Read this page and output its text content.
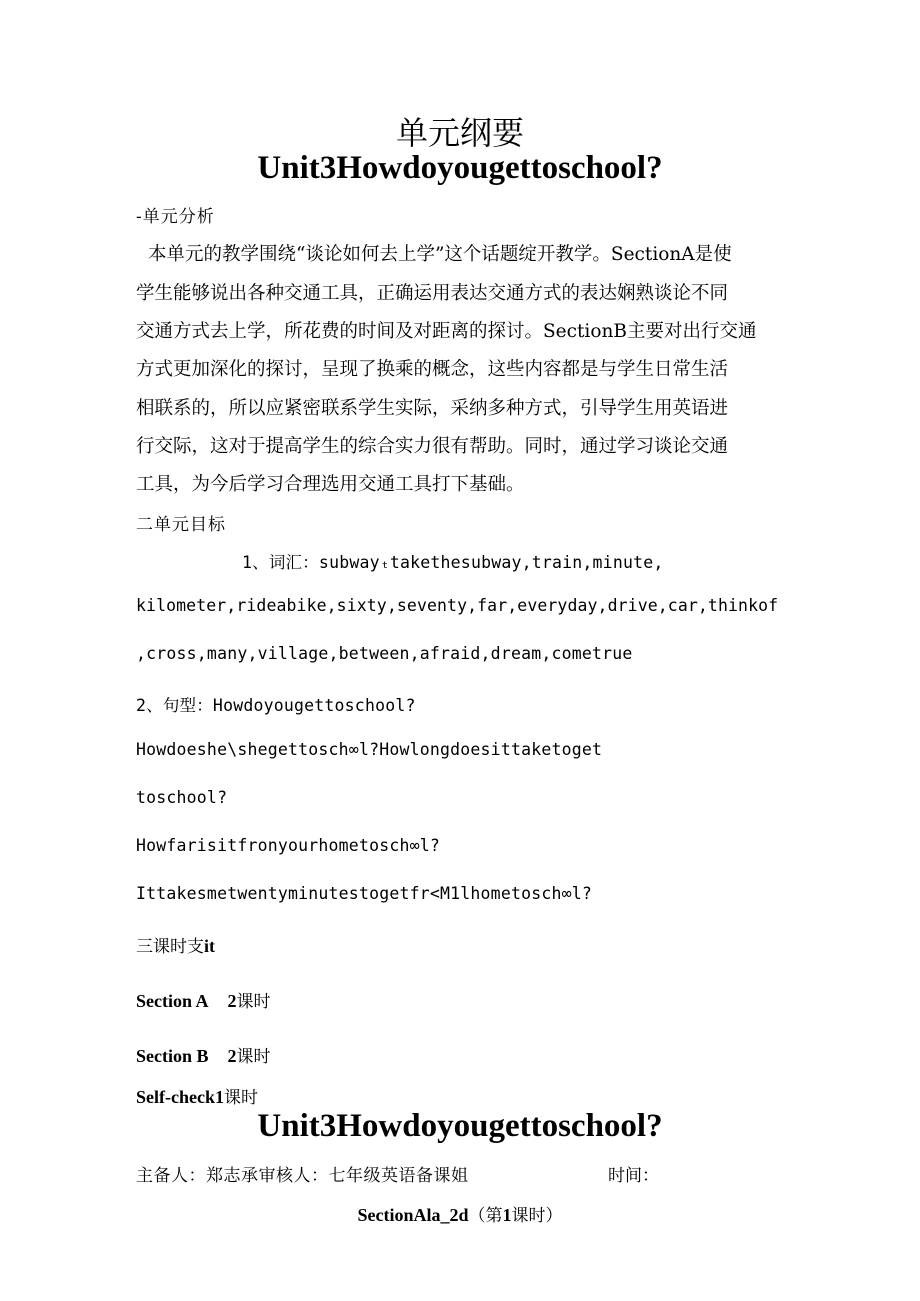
单元纲要
Unit3Howdoyougettoschool?
-单元分析
本单元的教学围绕“谈论如何去上学”这个话题绽开教学。SectionA是使
学生能够说出各种交通工具，正确运用表达交通方式的表达娴熟谈论不同
交通方式去上学，所花费的时间及对距离的探讨。SectionB主要对出行交通
方式更加深化的探讨，呈现了换乘的概念，这些内容都是与学生日常生活
相联系的，所以应紧密联系学生实际，采纳多种方式，引导学生用英语进
行交际，这对于提高学生的综合实力很有帮助。同时，通过学习谈论交通
工具，为今后学习合理选用交通工具打下基础。
二单元目标
1、词汇：subwayₜtakethesubway,train,minute,
kilometer,rideabike,sixty,seventy,far,everyday,drive,car,thinkof
,cross,many,village,between,afraid,dream,cometrue
2、句型：Howdoyougettoschool?
Howdoeshe\shegettosch∞l?Howlongdoesittaketoget
toschool?
Howfarisitfronyourhometosch∞l?
Ittakesmetwentyminutestogetfr<M1lhometosch∞l?
三课时支it
Section A 2课时
Section B 2课时
Self-check1课时
Unit3Howdoyougettoschool?
主备人：郑志承审核人：七年级英语备课姐	时间：
SectionAla_2d（第1课时）
